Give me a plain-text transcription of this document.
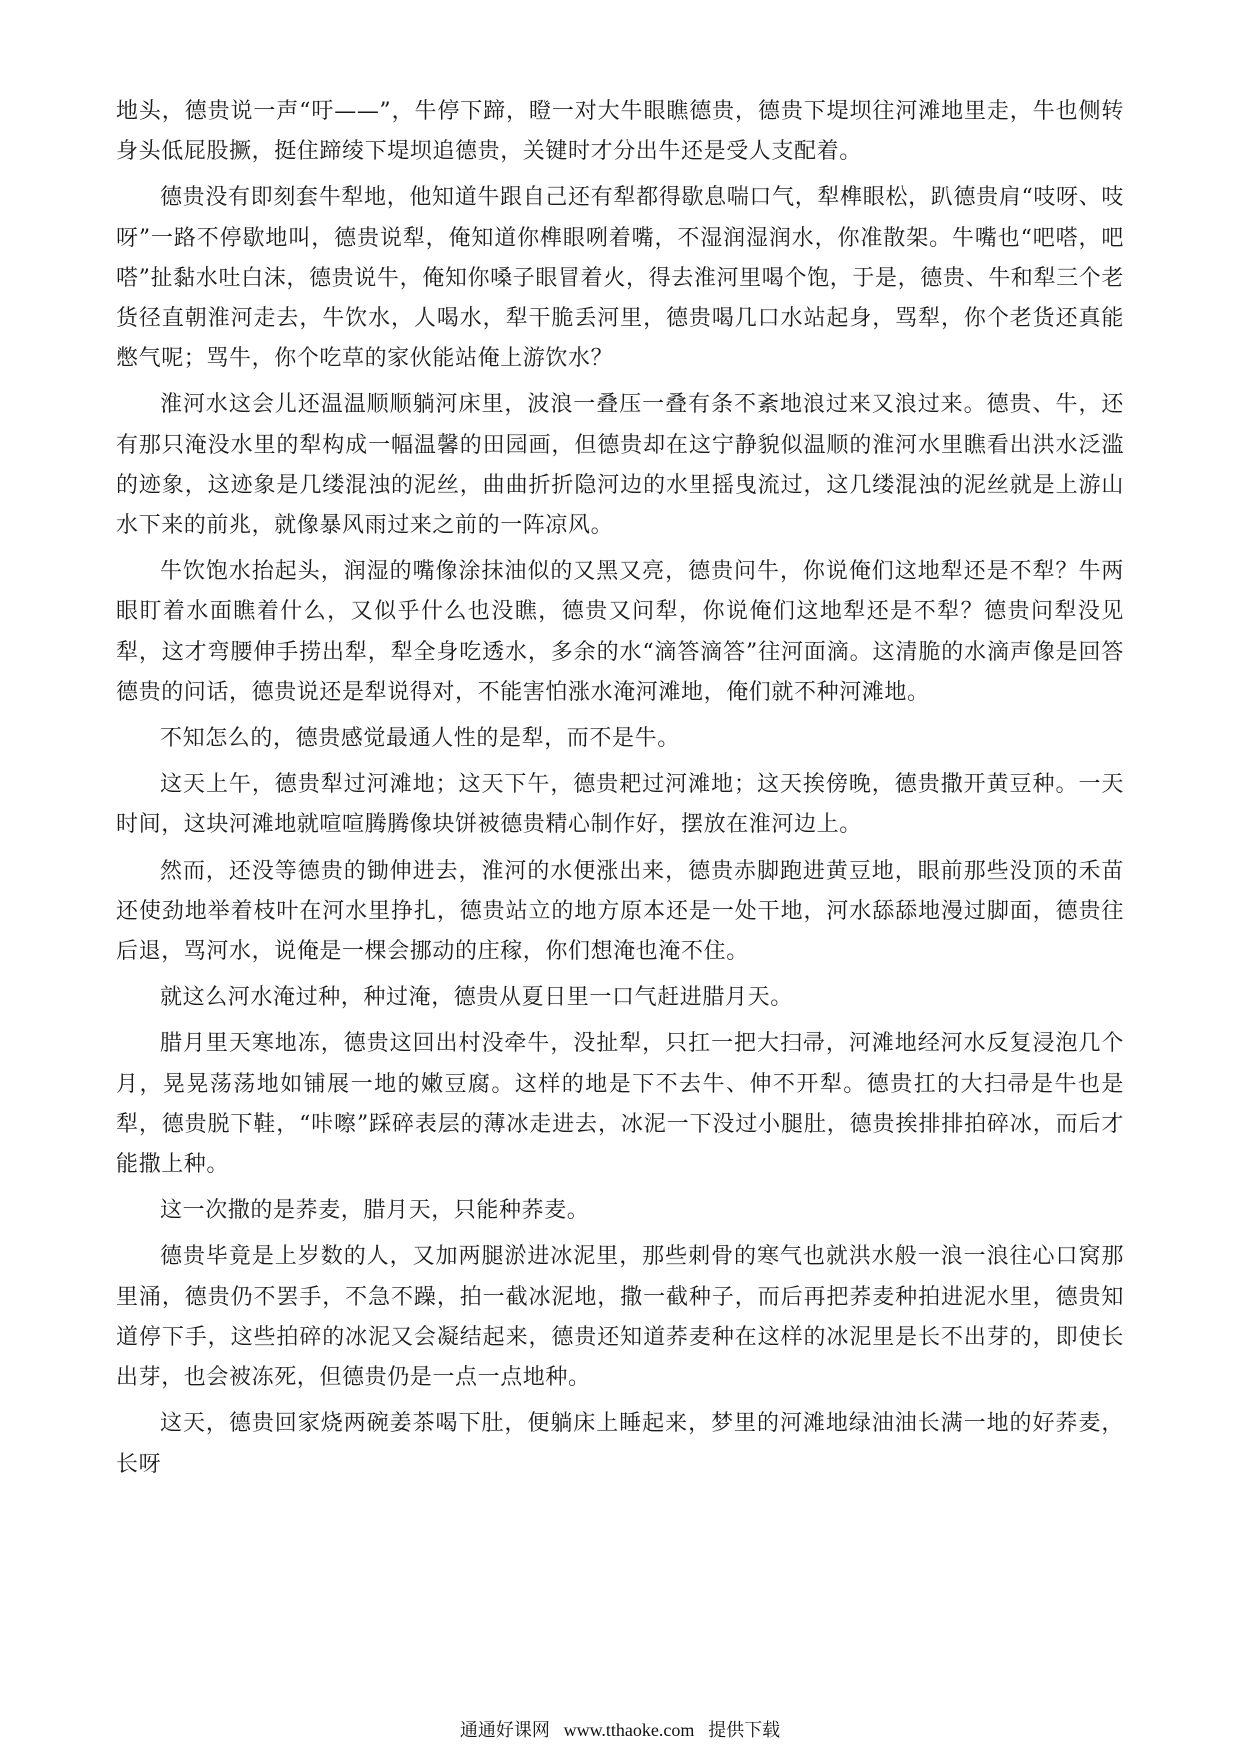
地头，德贵说一声“吁——”，牛停下蹄，瞪一对大牛眼瞧德贵，德贵下堤坝往河滩地里走，牛也侧转身头低屁股撅，挺住蹄绫下堤坝追德贵，关键时才分出牛还是受人支配着。

德贵没有即刻套牛犁地，他知道牛跟自己还有犁都得歇息喘口气，犁榫眼松，趴德贵肩“吱呀、吱呀”一路不停歇地叫，德贵说犁，俺知道你榫眼咧着嘴，不湿润湿润水，你准散架。牛嘴也“吧嗒，吧嗒”扯黏水吐白沫，德贵说牛，俺知你嗓子眼冒着火，得去淮河里喝个饱，于是，德贵、牛和犁三个老货径直朝淮河走去，牛饮水，人喝水，犁干脆丢河里，德贵喝几口水站起身，骂犁，你个老货还真能憋气呢；骂牛，你个吃草的家伙能站俺上游饮水？

淮河水这会儿还温温顺顺躺河床里，波浪一叠压一叠有条不紊地浪过来又浪过来。德贵、牛，还有那只淹没水里的犁构成一幅温馨的田园画，但德贵却在这宁静貌似温顺的淮河水里瞧看出洪水泛滥的迹象，这迹象是几缕混浊的泥丝，曲曲折折隐河边的水里摇曳流过，这几缕混浊的泥丝就是上游山水下来的前兆，就像暴风雨过来之前的一阵凉风。

牛饮饱水抬起头，润湿的嘴像涂抹油似的又黑又亮，德贵问牛，你说俺们这地犁还是不犁？牛两眼盯着水面瞧着什么，又似乎什么也没瞧，德贵又问犁，你说俺们这地犁还是不犁？德贵问犁没见犁，这才弯腰伸手捞出犁，犁全身吃透水，多余的水“滴答滴答”往河面滴。这清脆的水滴声像是回答德贵的问话，德贵说还是犁说得对，不能害怕涨水淹河滩地，俺们就不种河滩地。

不知怎么的，德贵感觉最通人性的是犁，而不是牛。

这天上午，德贵犁过河滩地；这天下午，德贵耙过河滩地；这天挨傍晚，德贵撒开黄豆种。一天时间，这块河滩地就喧喧腾腾像块饼被德贵精心制作好，摆放在淮河边上。

然而，还没等德贵的锄伸进去，淮河的水便涨出来，德贵赤脚跑进黄豆地，眼前那些没顶的禾苗还使劲地举着枝叶在河水里挣扎，德贵站立的地方原本还是一处干地，河水舔舔地漫过脚面，德贵往后退，骂河水，说俺是一棵会挪动的庄稼，你们想淹也淹不住。

就这么河水淹过种，种过淹，德贵从夏日里一口气赶进腊月天。

腊月里天寒地冻，德贵这回出村没牵牛，没扯犁，只扛一把大扫帚，河滩地经河水反复浸泡几个月，晃晃荡荡地如铺展一地的嫩豆腐。这样的地是下不去牛、伸不开犁。德贵扛的大扫帚是牛也是犁，德贵脱下鞋，“咔嚓”踩碎表层的薄冰走进去，冰泥一下没过小腿肚，德贵挨排排拍碎冰，而后才能撒上种。

这一次撒的是荞麦，腊月天，只能种荞麦。

德贵毕竟是上岁数的人，又加两腿淤进冰泥里，那些刺骨的寒气也就洪水般一浪一浪往心口窝那里涌，德贵仍不罢手，不急不躁，拍一截冰泥地，撒一截种子，而后再把荞麦种拍进泥水里，德贵知道停下手，这些拍碎的冰泥又会凝结起来，德贵还知道荞麦种在这样的冰泥里是长不出芽的，即使长出芽，也会被冻死，但德贵仍是一点一点地种。

这天，德贵回家烧两碗姜茶喝下肚，便躺床上睡起来，梦里的河滩地绿油油长满一地的好荞麦，长呀

通通好课网 www.tthaoke.com 提供下载
